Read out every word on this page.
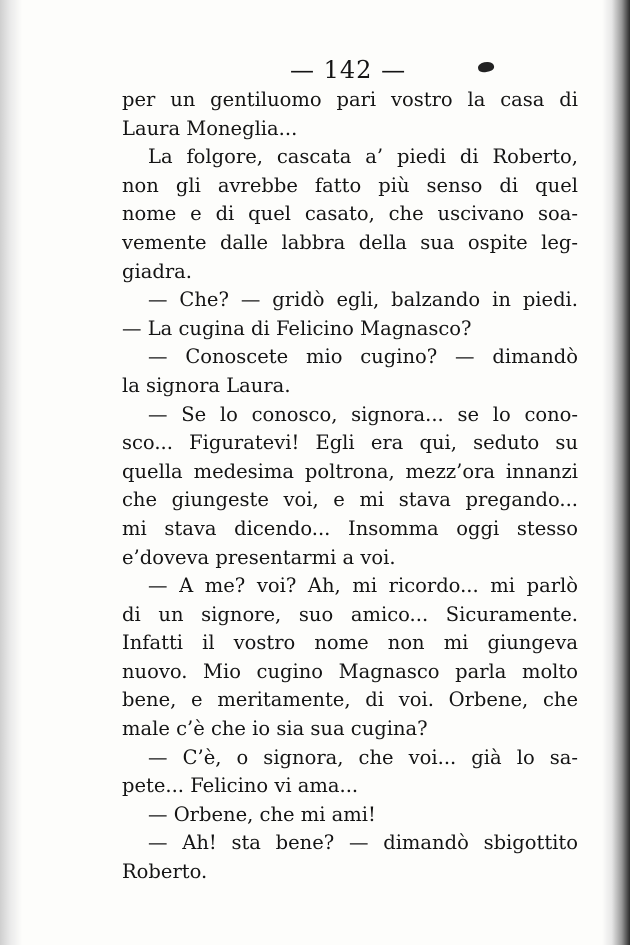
— 142 —
per un gentiluomo pari vostro la casa di
Laura Moneglia...
La folgore, cascata a’ piedi di Roberto,
non gli avrebbe fatto più senso di quel
nome e di quel casato, che uscivano soa-
vemente dalle labbra della sua ospite leg-
giadra.
— Che? — gridò egli, balzando in piedi.
— La cugina di Felicino Magnasco?
— Conoscete mio cugino? — dimandò
la signora Laura.
— Se lo conosco, signora... se lo cono-
sco... Figuratevi! Egli era qui, seduto su
quella medesima poltrona, mezz’ora innanzi
che giungeste voi, e mi stava pregando...
mi stava dicendo... Insomma oggi stesso
e’doveva presentarmi a voi.
— A me? voi? Ah, mi ricordo... mi parlò
di un signore, suo amico... Sicuramente.
Infatti il vostro nome non mi giungeva
nuovo. Mio cugino Magnasco parla molto
bene, e meritamente, di voi. Orbene, che
male c’è che io sia sua cugina?
— C’è, o signora, che voi... già lo sa-
pete... Felicino vi ama...
— Orbene, che mi ami!
— Ah! sta bene? — dimandò sbigottito
Roberto.
